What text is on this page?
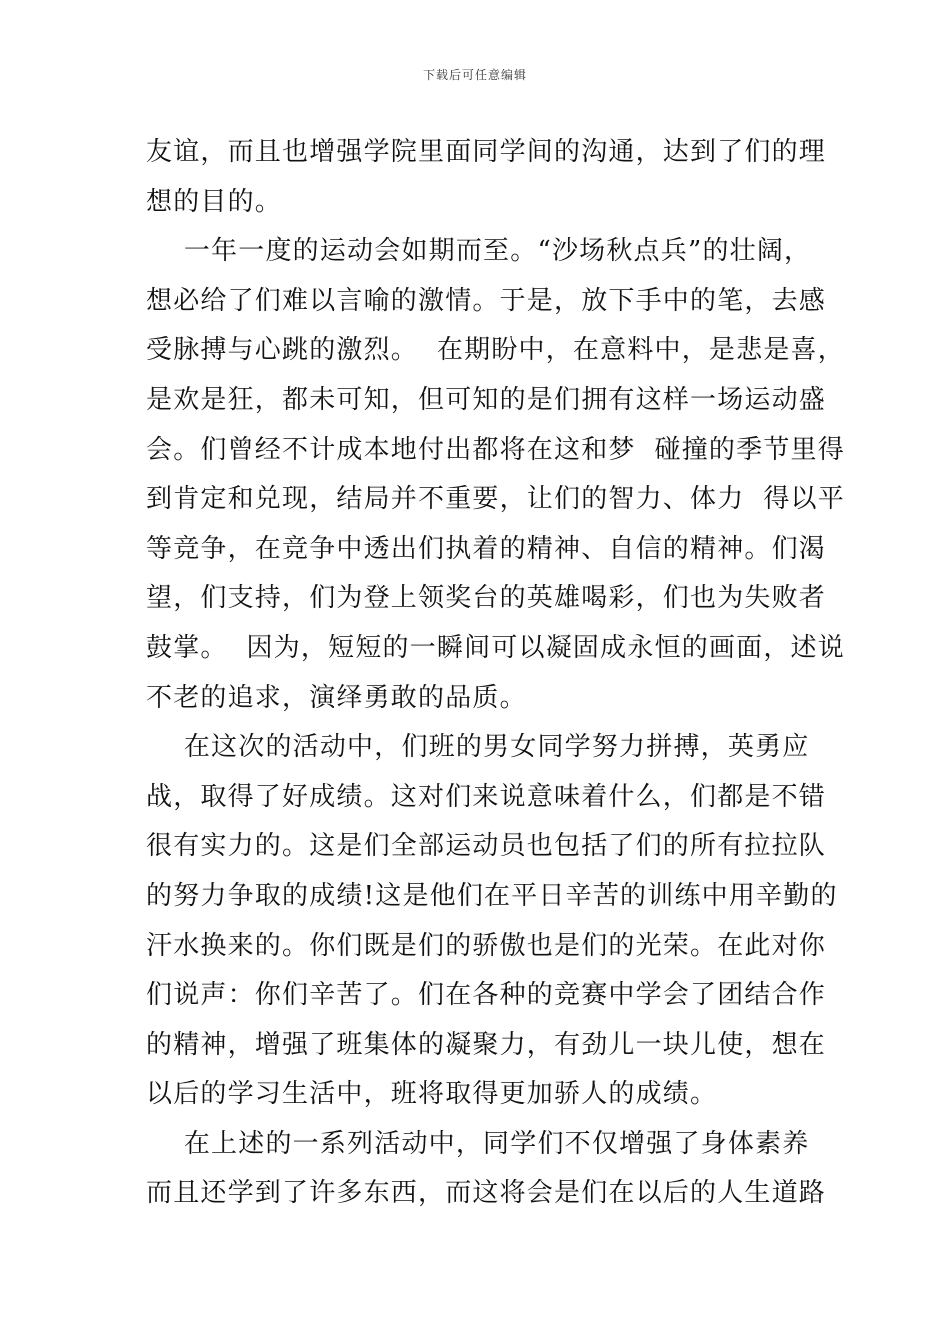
下载后可任意编辑
友谊，而且也增强学院里面同学间的沟通，达到了们的理
想的目的。
一年一度的运动会如期而至。“沙场秋点兵”的壮阔，
想必给了们难以言喻的激情。于是，放下手中的笔，去感
受脉搏与心跳的激烈。  在期盼中，在意料中，是悲是喜，
是欢是狂，都未可知，但可知的是们拥有这样一场运动盛
会。们曾经不计成本地付出都将在这和梦  碰撞的季节里得
到肯定和兑现，结局并不重要，让们的智力、体力  得以平
等竞争，在竞争中透出们执着的精神、自信的精神。们渴
望，们支持，们为登上领奖台的英雄喝彩，们也为失败者
鼓掌。  因为，短短的一瞬间可以凝固成永恒的画面，述说
不老的追求，演绎勇敢的品质。
在这次的活动中，们班的男女同学努力拼搏，英勇应
战，取得了好成绩。这对们来说意味着什么，们都是不错
很有实力的。这是们全部运动员也包括了们的所有拉拉队
的努力争取的成绩!这是他们在平日辛苦的训练中用辛勤的
汗水换来的。你们既是们的骄傲也是们的光荣。在此对你
们说声：你们辛苦了。们在各种的竞赛中学会了团结合作
的精神，增强了班集体的凝聚力，有劲儿一块儿使，想在
以后的学习生活中，班将取得更加骄人的成绩。
在上述的一系列活动中，同学们不仅增强了身体素养
而且还学到了许多东西，而这将会是们在以后的人生道路
